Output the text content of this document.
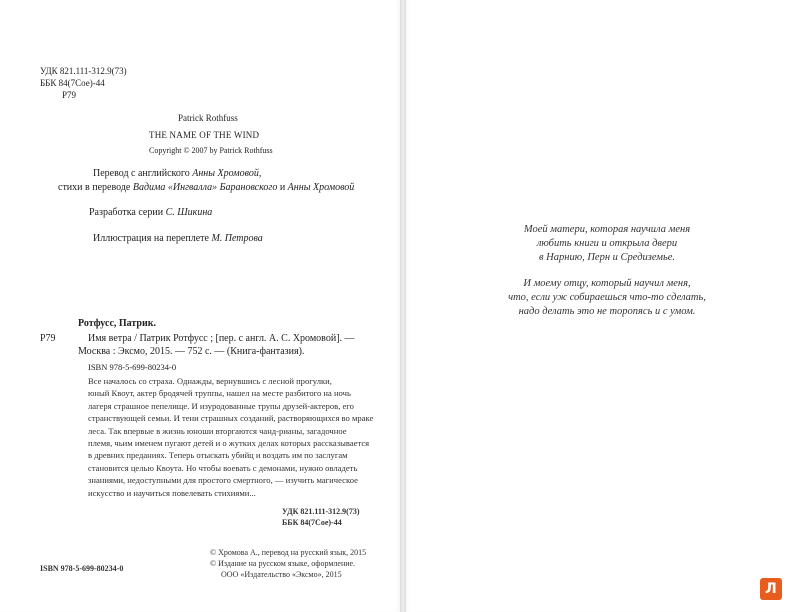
УДК 821.111-312.9(73)
ББК 84(7Сое)-44
Р79
Patrick Rothfuss
THE NAME OF THE WIND
Copyright © 2007 by Patrick Rothfuss
Перевод с английского Анны Хромовой,
стихи в переводе Вадима «Ингвалла» Барановского и Анны Хромовой
Разработка серии С. Шикина
Иллюстрация на переплете М. Петрова
Ротфусс, Патрик.
Р79	Имя ветра / Патрик Ротфусс ; [пер. с англ. А. С. Хромовой]. —
Москва : Эксмо, 2015. — 752 с. — (Книга-фантазия).
ISBN 978-5-699-80234-0
Все началось со страха. Однажды, вернувшись с лесной прогулки,
юный Квоут, актер бродячей труппы, нашел на месте разбитого на ночь
лагеря страшное пепелище. И изуродованные трупы друзей-актеров, его
странствующей семьи. И тени страшных созданий, растворяющихся во мраке
леса. Так впервые в жизнь юноши вторгаются чанд-рианы, загадочное
племя, чьим именем пугают детей и о жутких делах которых рассказывается
в древних преданиях. Теперь отыскать убийц и воздать им по заслугам
становится целью Квоута. Но чтобы воевать с демонами, нужно овладеть
знаниями, недоступными для простого смертного, — изучить магическое
искусство и научиться повелевать стихиями...
УДК 821.111-312.9(73)
ББК 84(7Сое)-44
© Хромова А., перевод на русский язык, 2015
© Издание на русском языке, оформление.
ООО «Издательство «Эксмо», 2015
ISBN 978-5-699-80234-0
Моей матери, которая научила меня
любить книги и открыла двери
в Нарнию, Перн и Средиземье.
И моему отцу, который научил меня,
что, если уж собираешься что-то сделать,
надо делать это не торопясь и с умом.
Л
